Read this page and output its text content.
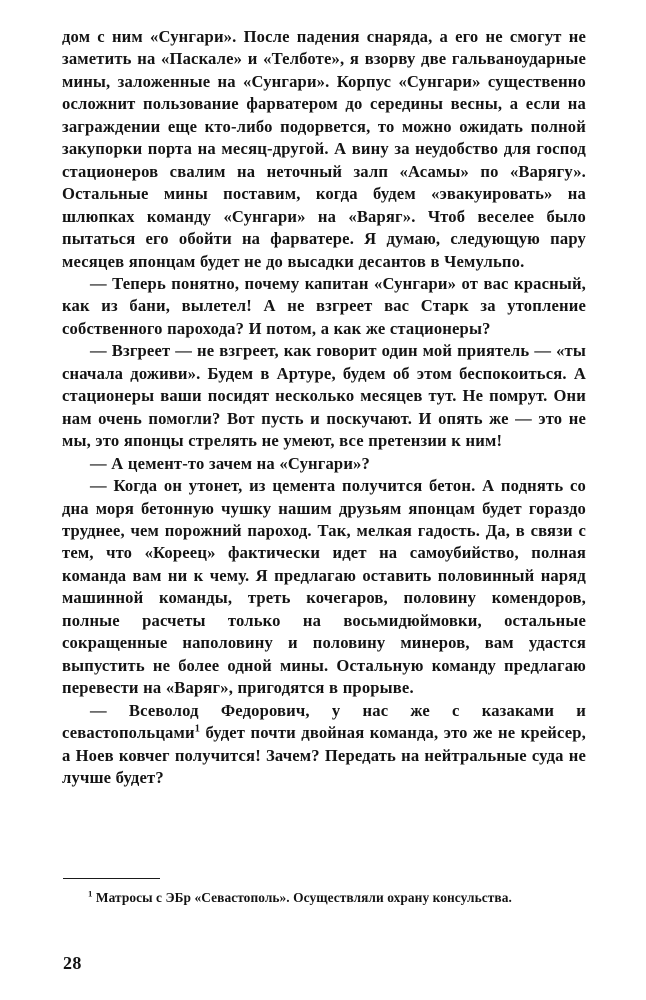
дом с ним «Сунгари». После падения снаряда, а его не смогут не заметить на «Паскале» и «Телботе», я взорву две гальваноударные мины, заложенные на «Сунгари». Корпус «Сунгари» существенно осложнит пользование фарватером до середины весны, а если на заграждении еще кто-либо подорвется, то можно ожидать полной закупорки порта на месяц-другой. А вину за неудобство для господ стационеров свалим на неточный залп «Асамы» по «Варягу». Остальные мины поставим, когда будем «эвакуировать» на шлюпках команду «Сунгари» на «Варяг». Чтоб веселее было пытаться его обойти на фарватере. Я думаю, следующую пару месяцев японцам будет не до высадки десантов в Чемульпо.

— Теперь понятно, почему капитан «Сунгари» от вас красный, как из бани, вылетел! А не взгреет вас Старк за утопление собственного парохода? И потом, а как же стационеры?

— Взгреет — не взгреет, как говорит один мой приятель — «ты сначала доживи». Будем в Артуре, будем об этом беспокоиться. А стационеры ваши посидят несколько месяцев тут. Не помрут. Они нам очень помогли? Вот пусть и поскучают. И опять же — это не мы, это японцы стрелять не умеют, все претензии к ним!

— А цемент-то зачем на «Сунгари»?

— Когда он утонет, из цемента получится бетон. А поднять со дна моря бетонную чушку нашим друзьям японцам будет гораздо труднее, чем порожний пароход. Так, мелкая гадость. Да, в связи с тем, что «Кореец» фактически идет на самоубийство, полная команда вам ни к чему. Я предлагаю оставить половинный наряд машинной команды, треть кочегаров, половину комендоров, полные расчеты только на восьмидюймовки, остальные сокращенные наполовину и половину минеров, вам удастся выпустить не более одной мины. Остальную команду предлагаю перевести на «Варяг», пригодятся в прорыве.

— Всеволод Федорович, у нас же с казаками и севастопольцами$^1$ будет почти двойная команда, это же не крейсер, а Ноев ковчег получится! Зачем? Передать на нейтральные суда не лучше будет?

$^1$ Матросы с ЭБр «Севастополь». Осуществляли охрану консульства.

28
